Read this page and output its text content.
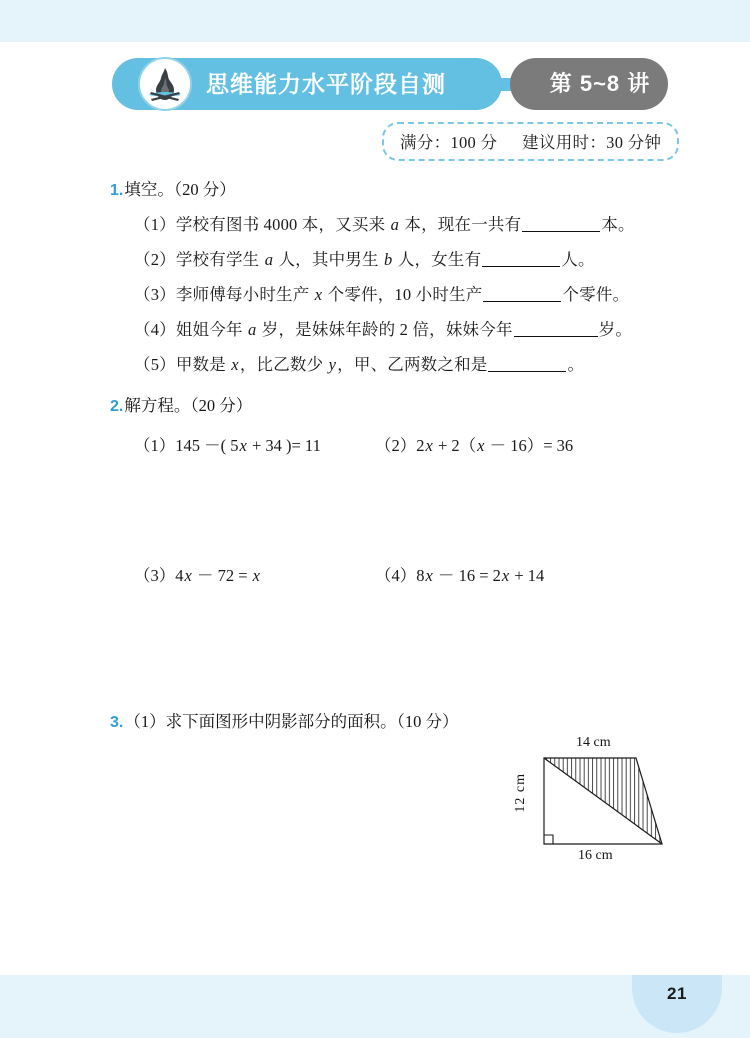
21
思维能力水平阶段自测	第 5~8 讲
满分：100 分 建议用时：30 分钟
1.填空。（20 分）
（1）学校有图书 4000 本，又买来 a 本，现在一共有	本。
（2）学校有学生 a 人，其中男生 b 人，女生有	人。
（3）李师傅每小时生产 x 个零件，10 小时生产	个零件。
（4）姐姐今年 a 岁，是妹妹年龄的 2 倍，妹妹今年	岁。
（5）甲数是 x，比乙数少 y，甲、乙两数之和是	。
2.解方程。（20 分）
（1）145 －( 5x + 34 )= 11	（2）2x + 2（x － 16）= 36
（3）4x － 72 = x	（4）8x － 16 = 2x + 14
3.（1）求下面图形中阴影部分的面积。（10 分）
14 cm
16 cm
12 cm
